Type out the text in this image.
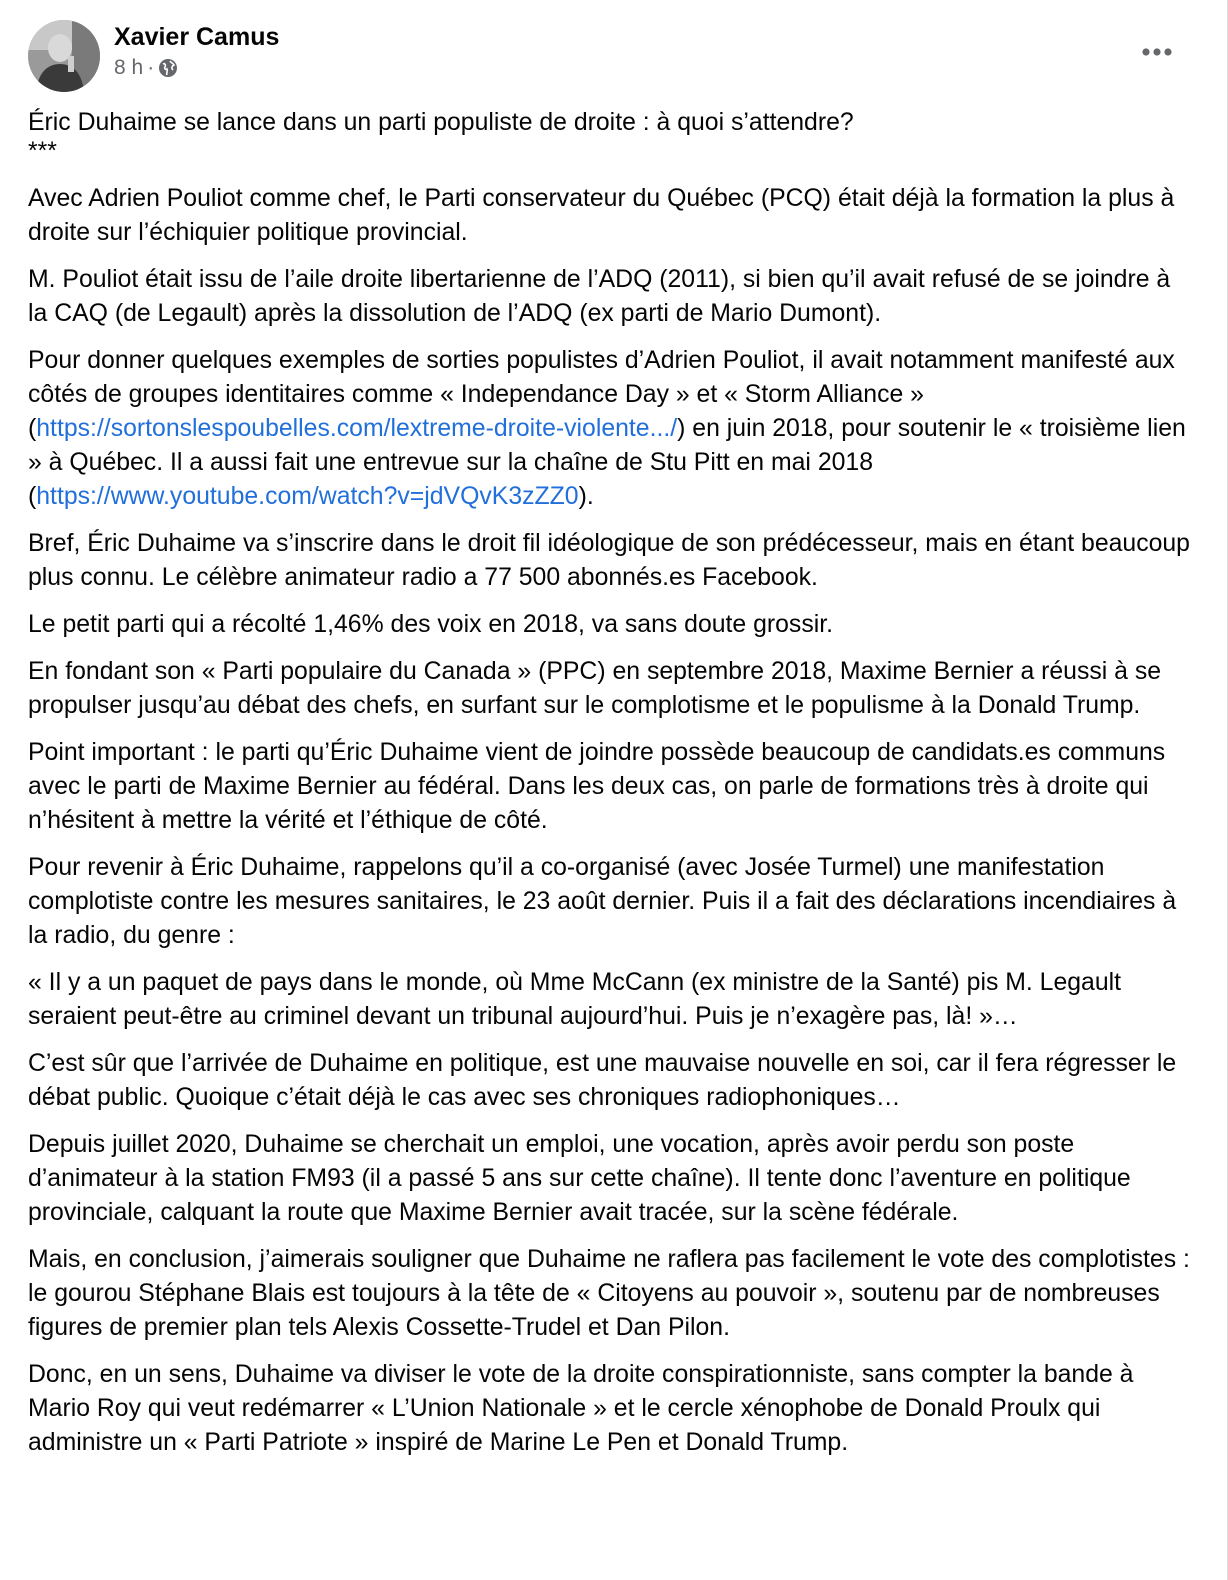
Xavier Camus
8 h ·

Éric Duhaime se lance dans un parti populiste de droite : à quoi s’attendre?

***

Avec Adrien Pouliot comme chef, le Parti conservateur du Québec (PCQ) était déjà la formation la plus à droite sur l’échiquier politique provincial.

M. Pouliot était issu de l’aile droite libertarienne de l’ADQ (2011), si bien qu’il avait refusé de se joindre à la CAQ (de Legault) après la dissolution de l’ADQ (ex parti de Mario Dumont).

Pour donner quelques exemples de sorties populistes d’Adrien Pouliot, il avait notamment manifesté aux côtés de groupes identitaires comme « Independance Day » et « Storm Alliance » (https://sortonslespoubelles.com/lextreme-droite-violente.../) en juin 2018, pour soutenir le « troisième lien » à Québec. Il a aussi fait une entrevue sur la chaîne de Stu Pitt en mai 2018 (https://www.youtube.com/watch?v=jdVQvK3zZZ0).

Bref, Éric Duhaime va s’inscrire dans le droit fil idéologique de son prédécesseur, mais en étant beaucoup plus connu. Le célèbre animateur radio a 77 500 abonnés.es Facebook.

Le petit parti qui a récolté 1,46% des voix en 2018, va sans doute grossir.

En fondant son « Parti populaire du Canada » (PPC) en septembre 2018, Maxime Bernier a réussi à se propulser jusqu’au débat des chefs, en surfant sur le complotisme et le populisme à la Donald Trump.

Point important : le parti qu’Éric Duhaime vient de joindre possède beaucoup de candidats.es communs avec le parti de Maxime Bernier au fédéral. Dans les deux cas, on parle de formations très à droite qui n’hésitent à mettre la vérité et l’éthique de côté.

Pour revenir à Éric Duhaime, rappelons qu’il a co-organisé (avec Josée Turmel) une manifestation complotiste contre les mesures sanitaires, le 23 août dernier. Puis il a fait des déclarations incendiaires à la radio, du genre :

« Il y a un paquet de pays dans le monde, où Mme McCann (ex ministre de la Santé) pis M. Legault seraient peut-être au criminel devant un tribunal aujourd’hui. Puis je n’exagère pas, là! »…

C’est sûr que l’arrivée de Duhaime en politique, est une mauvaise nouvelle en soi, car il fera régresser le débat public. Quoique c’était déjà le cas avec ses chroniques radiophoniques…

Depuis juillet 2020, Duhaime se cherchait un emploi, une vocation, après avoir perdu son poste d’animateur à la station FM93 (il a passé 5 ans sur cette chaîne). Il tente donc l’aventure en politique provinciale, calquant la route que Maxime Bernier avait tracée, sur la scène fédérale.

Mais, en conclusion, j’aimerais souligner que Duhaime ne raflera pas facilement le vote des complotistes : le gourou Stéphane Blais est toujours à la tête de « Citoyens au pouvoir », soutenu par de nombreuses figures de premier plan tels Alexis Cossette-Trudel et Dan Pilon.

Donc, en un sens, Duhaime va diviser le vote de la droite conspirationniste, sans compter la bande à Mario Roy qui veut redémarrer « L’Union Nationale » et le cercle xénophobe de Donald Proulx qui administre un « Parti Patriote » inspiré de Marine Le Pen et Donald Trump.
